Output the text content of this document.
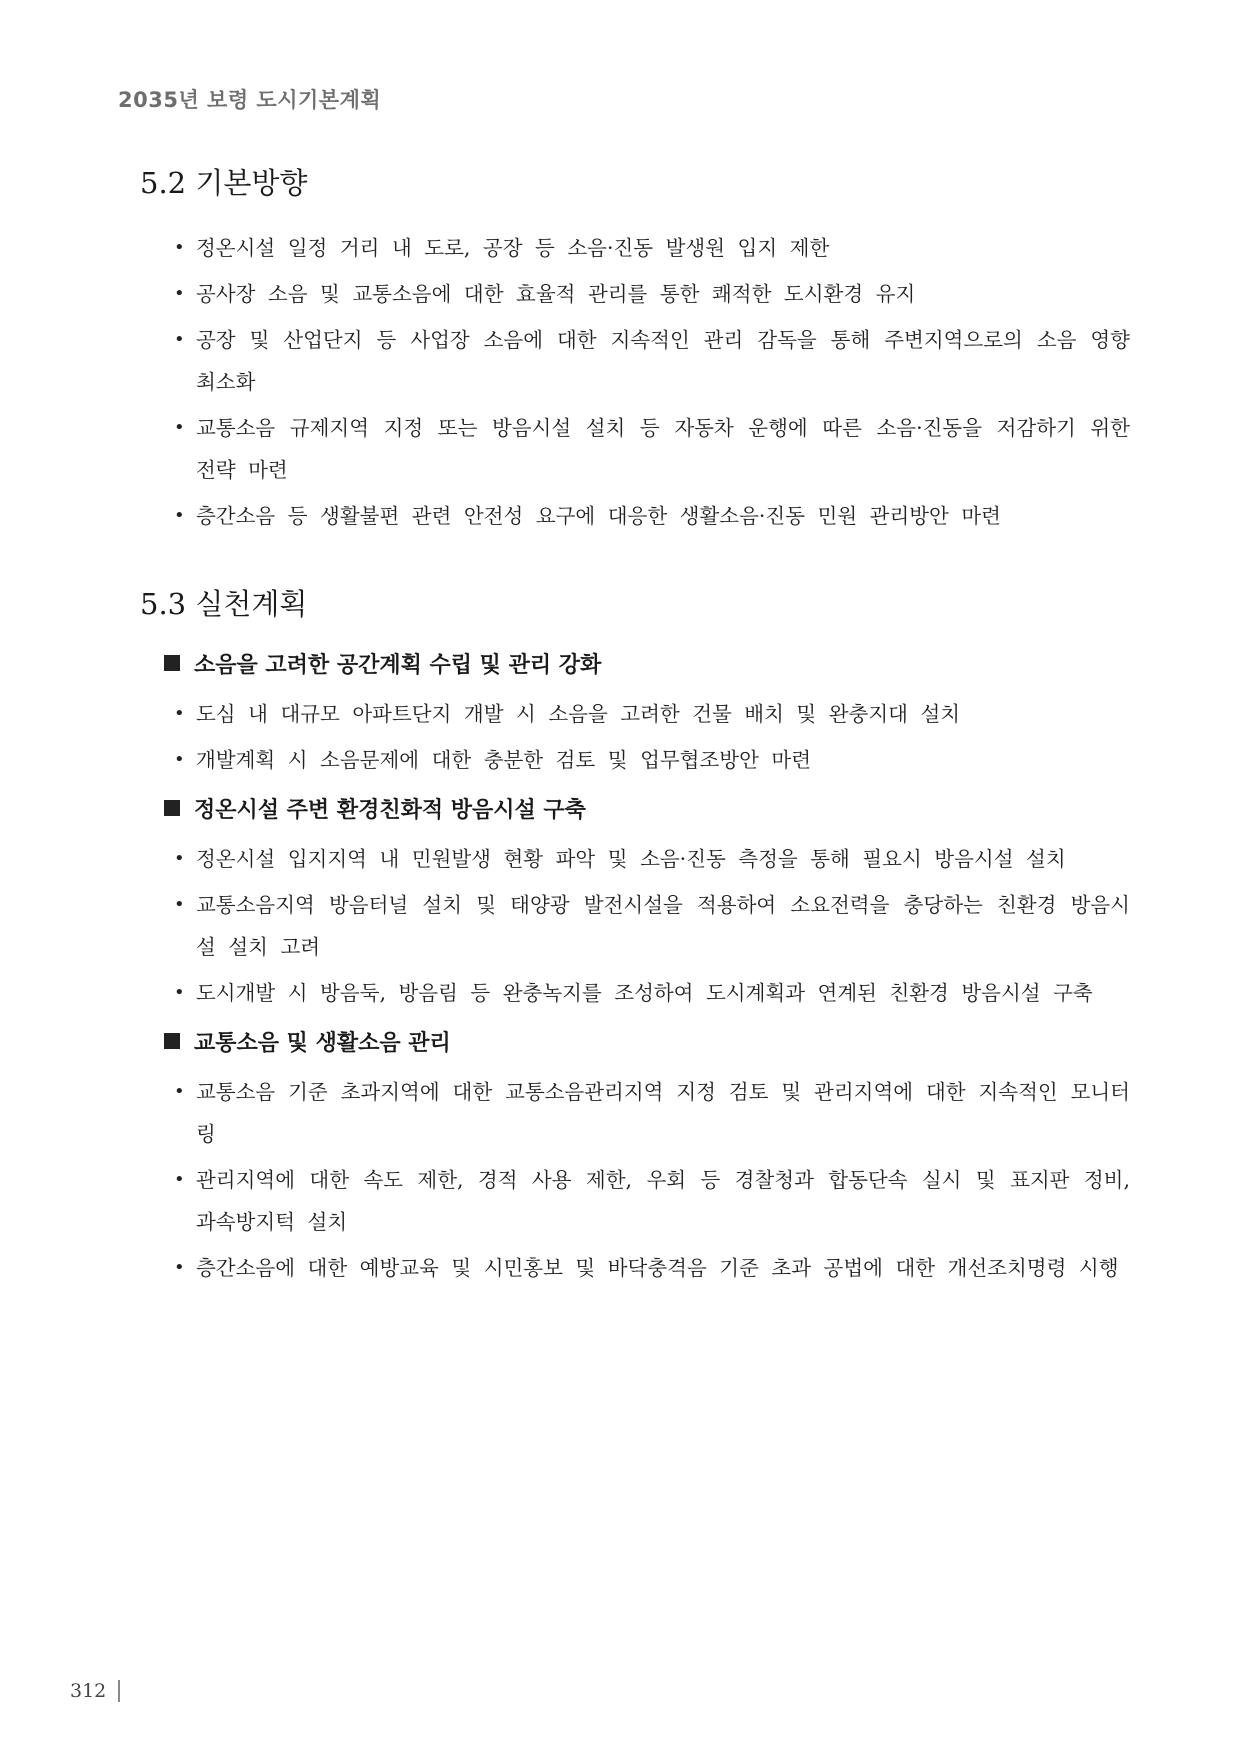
2035년 보령 도시기본계획
5.2 기본방향
• 정온시설 일정 거리 내 도로, 공장 등 소음·진동 발생원 입지 제한
• 공사장 소음 및 교통소음에 대한 효율적 관리를 통한 쾌적한 도시환경 유지
• 공장 및 산업단지 등 사업장 소음에 대한 지속적인 관리 감독을 통해 주변지역으로의 소음 영향 최소화
• 교통소음 규제지역 지정 또는 방음시설 설치 등 자동차 운행에 따른 소음·진동을 저감하기 위한 전략 마련
• 층간소음 등 생활불편 관련 안전성 요구에 대응한 생활소음·진동 민원 관리방안 마련
5.3 실천계획
소음을 고려한 공간계획 수립 및 관리 강화
• 도심 내 대규모 아파트단지 개발 시 소음을 고려한 건물 배치 및 완충지대 설치
• 개발계획 시 소음문제에 대한 충분한 검토 및 업무협조방안 마련
정온시설 주변 환경친화적 방음시설 구축
• 정온시설 입지지역 내 민원발생 현황 파악 및 소음·진동 측정을 통해 필요시 방음시설 설치
• 교통소음지역 방음터널 설치 및 태양광 발전시설을 적용하여 소요전력을 충당하는 친환경 방음시설 설치 고려
• 도시개발 시 방음둑, 방음림 등 완충녹지를 조성하여 도시계획과 연계된 친환경 방음시설 구축
교통소음 및 생활소음 관리
• 교통소음 기준 초과지역에 대한 교통소음관리지역 지정 검토 및 관리지역에 대한 지속적인 모니터링
• 관리지역에 대한 속도 제한, 경적 사용 제한, 우회 등 경찰청과 합동단속 실시 및 표지판 정비, 과속방지턱 설치
• 층간소음에 대한 예방교육 및 시민홍보 및 바닥충격음 기준 초과 공법에 대한 개선조치명령 시행
312
